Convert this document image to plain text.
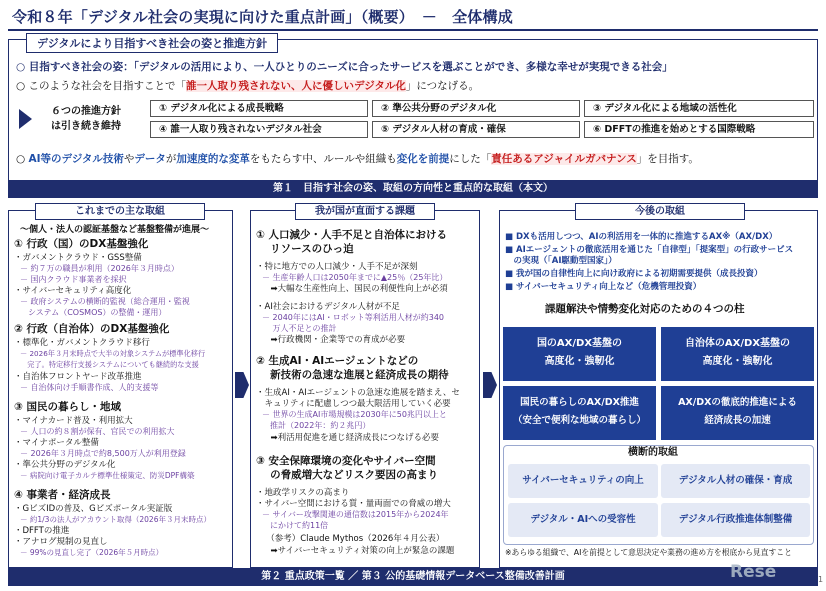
令和８年「デジタル社会の実現に向けた重点計画」（概要）　－　全体構成
デジタルにより目指すべき社会の姿と推進方針
○ 目指すべき社会の姿：「デジタルの活用により、一人ひとりのニーズに合ったサービスを選ぶことができ、多様な幸せが実現できる社会」
○ このような社会を目指すことで「誰一人取り残されない、人に優しいデジタル化」につなげる。
６つの推進方針
は引き続き維持
① デジタル化による成長戦略	② 準公共分野のデジタル化	③ デジタル化による地域の活性化
④ 誰一人取り残されないデジタル社会	⑤ デジタル人材の育成・確保	⑥ DFFTの推進を始めとする国際戦略
○ AI等のデジタル技術やデータが加速度的な変革をもたらす中、ルールや組織も変化を前提にした「責任あるアジャイルガバナンス」を目指す。
第１　目指す社会の姿、取組の方向性と重点的な取組（本文）
これまでの主な取組
～個人・法人の認証基盤など基盤整備が進展～
① 行政（国）のDX基盤強化
・ガバメントクラウド・GSS整備
－ 約７万の職員が利用（2026年３月時点）
－ 国内クラウド事業者を採択
・サイバーセキュリティ高度化
－ 政府システムの横断的監視（総合運用・監視
　システム（COSMOS）の整備・運用）
② 行政（自治体）のDX基盤強化
・標準化・ガバメントクラウド移行
－ 2026年３月末時点で大半の対象システムが標準化移行
　完了。特定移行支援システムについても継続的な支援
・自治体フロントヤード改革推進
－ 自治体向け手順書作成、人的支援等
③ 国民の暮らし・地域
・マイナカード普及・利用拡大
－ 人口の約８割が保有、官民での利用拡大
・マイナポータル整備
－ 2026年３月時点で約8,500万人が利用登録
・準公共分野のデジタル化
－ 病院向け電子カルテ標準仕様策定、防災DPF構築
④ 事業者・経済成長
・GビズIDの普及、Gビズポータル実証版
－ 約1/3の法人がアカウント取得（2026年３月末時点）
・DFFTの推進
・アナログ規制の見直し
－ 99%の見直し完了（2026年５月時点）
我が国が直面する課題
① 人口減少・人手不足と自治体における
　 リソースのひっ迫
・特に地方での人口減少・人手不足が深刻
－ 生産年齢人口は2050年までに▲25％（25年比）
　➡大幅な生産性向上、国民の利便性向上が必須
・AI社会におけるデジタル人材が不足
－ 2040年にはAI・ロボット等利活用人材が約340
　 万人不足との推計
　➡行政機関・企業等での育成が必要
② 生成AI・AIエージェントなどの
　 新技術の急速な進展と経済成長の期待
・生成AI・AIエージェントの急速な進展を踏まえ、セ
　キュリティに配慮しつつ最大限活用していく必要
－ 世界の生成AI市場規模は2030年に50兆円以上と
　推計（2022年：約２兆円）
　➡利活用促進を通じ経済成長につなげる必要
③ 安全保障環境の変化やサイバー空間
　 の脅威増大などリスク要因の高まり
・地政学リスクの高まり
・サイバー空間における質・量両面での脅威の増大
－ サイバー攻撃関連の通信数は2015年から2024年
　にかけて約11倍
　（参考）Claude Mythos（2026年４月公表）
　➡サイバーセキュリティ対策の向上が緊急の課題
今後の取組
■ DXも活用しつつ、AIの利活用を一体的に推進するAX※（AX/DX）
■ AIエージェントの徹底活用を通じた「自律型」「提案型」の行政サービス
　の実現（「AI駆動型国家」）
■ 我が国の自律性向上に向け政府による初期需要提供（成長投資）
■ サイバーセキュリティ向上など（危機管理投資）
課題解決や情勢変化対応のための４つの柱
国のAX/DX基盤の
高度化・強靭化
自治体のAX/DX基盤の
高度化・強靭化
国民の暮らしのAX/DX推進
（安全で便利な地域の暮らし）
AX/DXの徹底的推進による
経済成長の加速
横断的取組
サイバーセキュリティの向上	デジタル人材の確保・育成
デジタル・AIへの受容性	デジタル行政推進体制整備
※あらゆる組織で、AIを前提として意思決定や業務の進め方を根底から見直すこと
第２ 重点政策一覧 ／ 第３ 公的基礎情報データベース整備改善計画	Rese	1
